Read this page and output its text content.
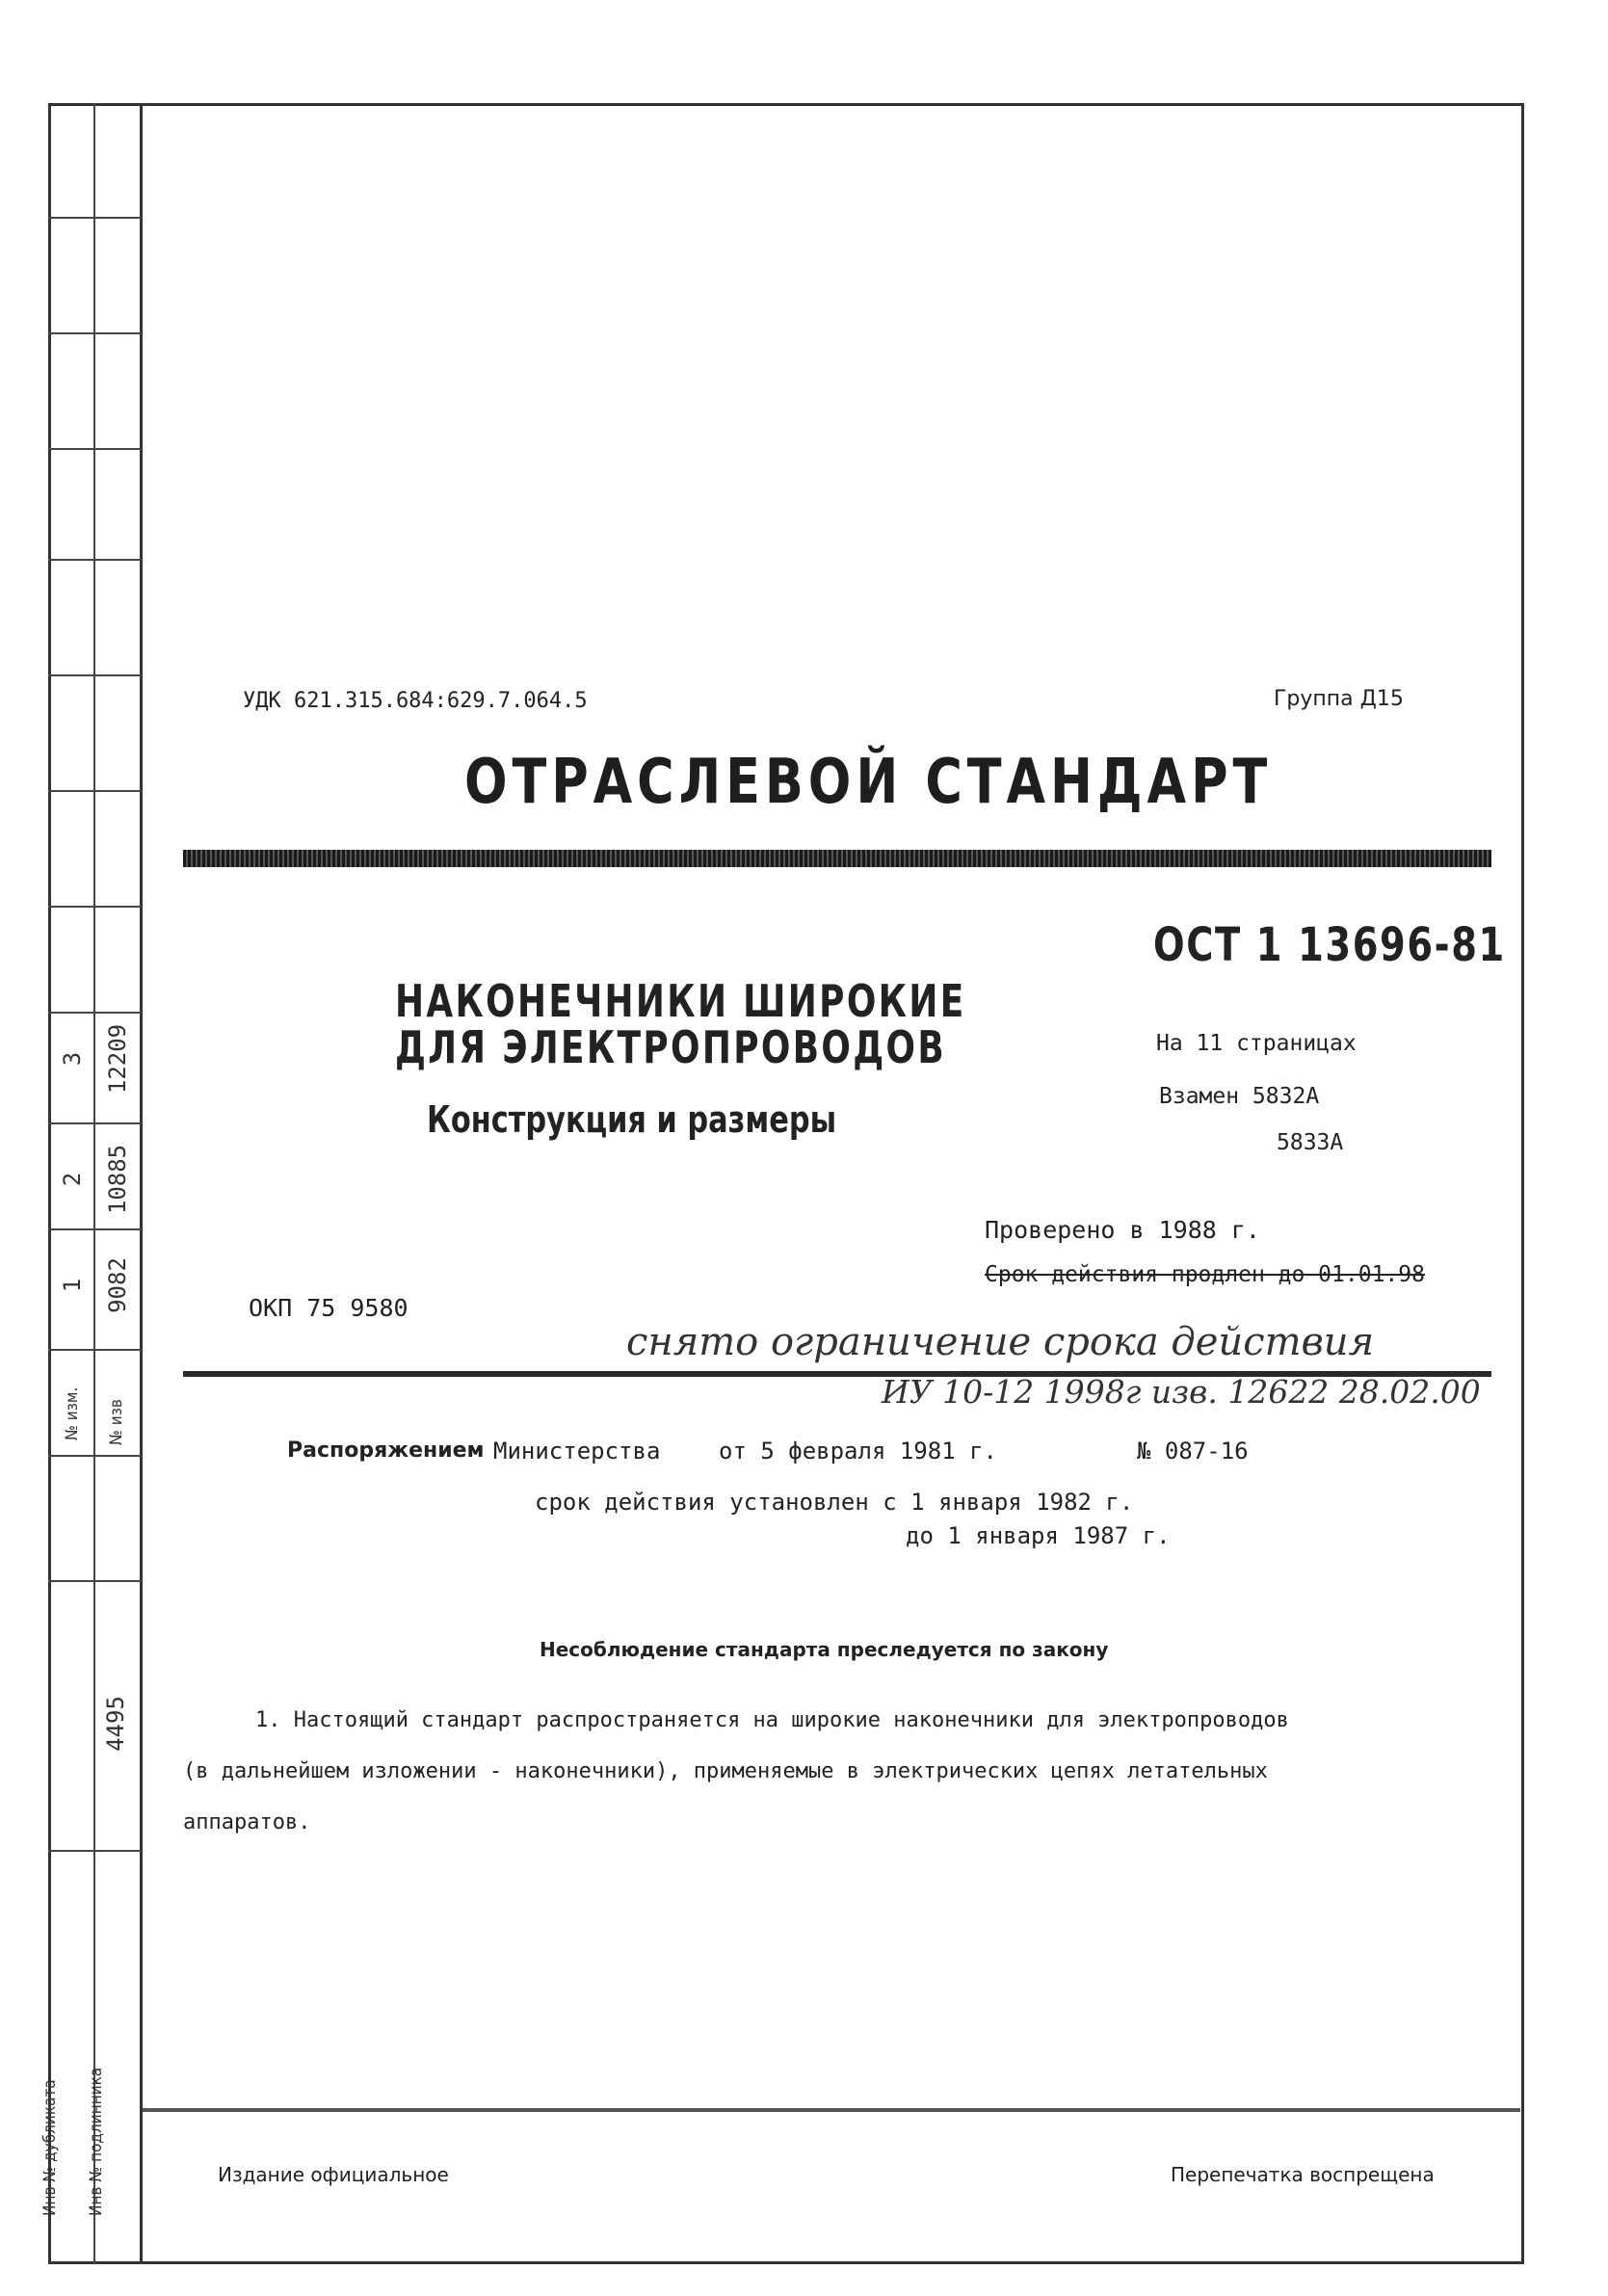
3 12209
2 10885
1 9082
№ изм. № изв
4495
Инв № дубликата Инв № подлинника
УДК 621.315.684:629.7.064.5	Группа Д15
ОТРАСЛЕВОЙ СТАНДАРТ
ОСТ 1 13696-81
На 11 страницах
Взамен 5832А
5833А
НАКОНЕЧНИКИ ШИРОКИЕ
ДЛЯ ЭЛЕКТРОПРОВОДОВ
Конструкция и размеры
Проверено в 1988 г.
Срок действия продлен до 01.01.98
ОКП 75 9580
снято ограничение срока действия
ИУ 10-12 1998г изв. 12622 28.02.00
Распоряжением Министерства	от 5 февраля 1981 г.	№ 087-16
срок действия установлен с 1 января 1982 г.
до 1 января 1987 г.
Несоблюдение стандарта преследуется по закону
1. Настоящий стандарт распространяется на широкие наконечники для электропроводов
(в дальнейшем изложении - наконечники), применяемые в электрических цепях летательных
аппаратов.
Издание официальное	Перепечатка воспрещена
